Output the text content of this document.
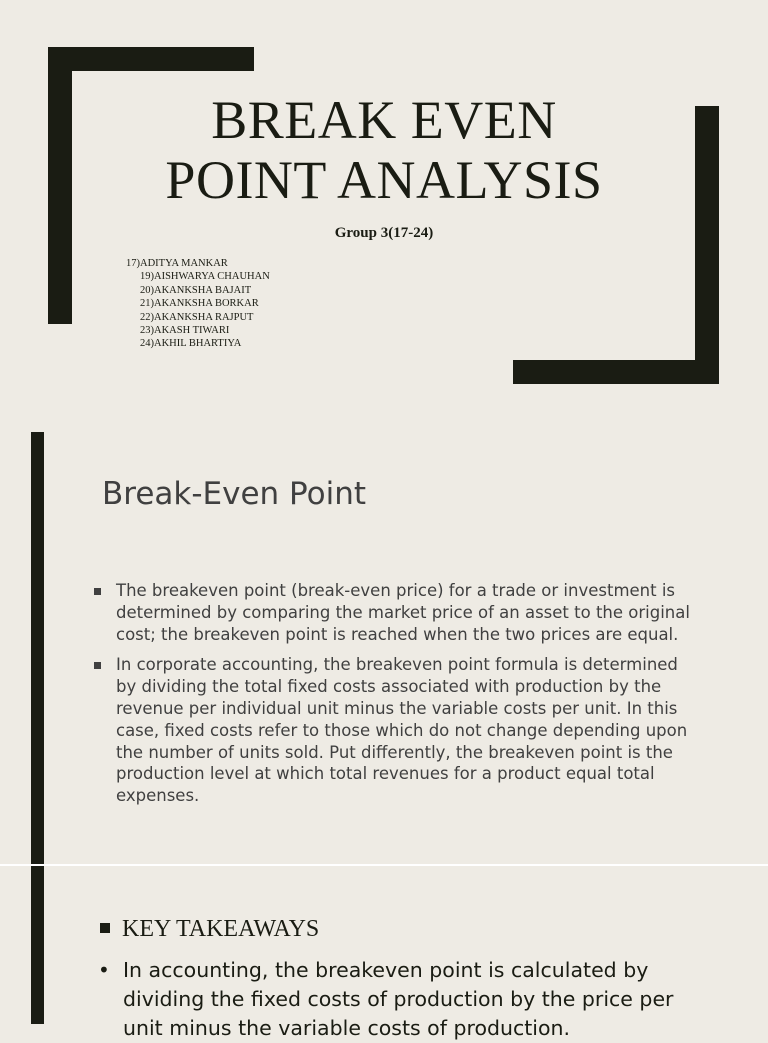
BREAK EVEN
POINT ANALYSIS
Group 3(17-24)
17)ADITYA MANKAR
19)AISHWARYA CHAUHAN
20)AKANKSHA BAJAIT
21)AKANKSHA BORKAR
22)AKANKSHA RAJPUT
23)AKASH TIWARI
24)AKHIL BHARTIYA
Break-Even Point
The breakeven point (break-even price) for a trade or investment is determined by comparing the market price of an asset to the original cost; the breakeven point is reached when the two prices are equal.
In corporate accounting, the breakeven point formula is determined by dividing the total fixed costs associated with production by the revenue per individual unit minus the variable costs per unit. In this case, fixed costs refer to those which do not change depending upon the number of units sold. Put differently, the breakeven point is the production level at which total revenues for a product equal total expenses.
KEY TAKEAWAYS
• In accounting, the breakeven point is calculated by dividing the fixed costs of production by the price per unit minus the variable costs of production.
